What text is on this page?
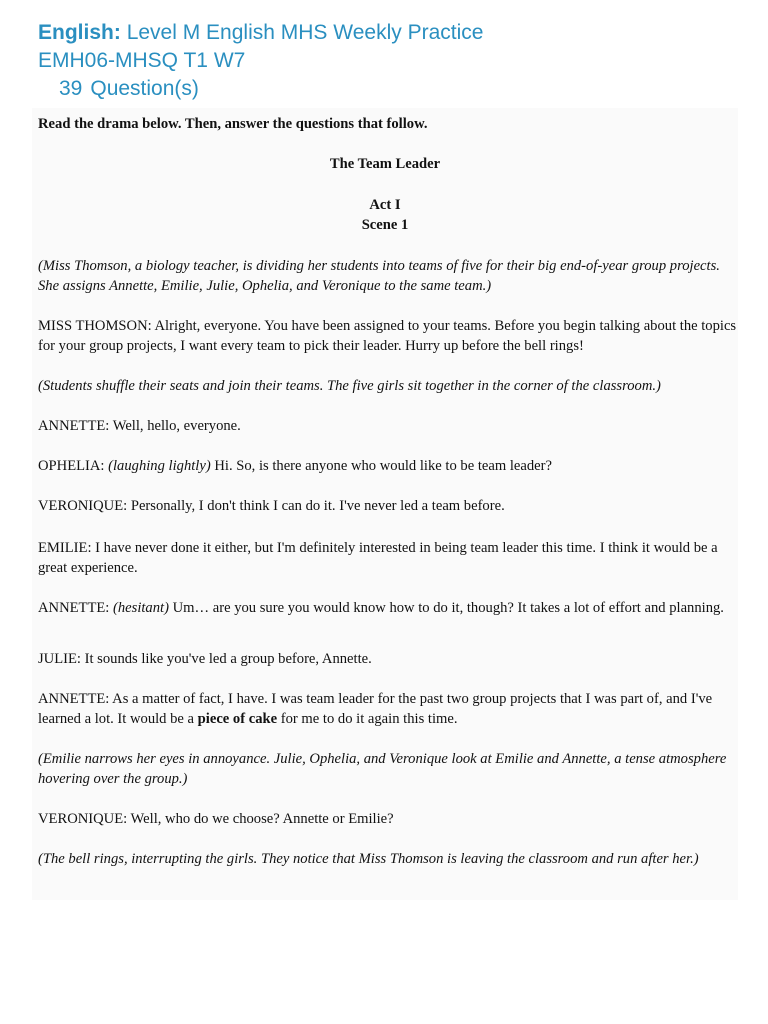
English: Level M English MHS Weekly Practice
EMH06-MHSQ T1 W7
39 Question(s)

Read the drama below. Then, answer the questions that follow.

The Team Leader

Act I

Scene 1

(Miss Thomson, a biology teacher, is dividing her students into teams of five for their big end-of-year group projects. She assigns Annette, Emilie, Julie, Ophelia, and Veronique to the same team.)

MISS THOMSON: Alright, everyone. You have been assigned to your teams. Before you begin talking about the topics for your group projects, I want every team to pick their leader. Hurry up before the bell rings!

(Students shuffle their seats and join their teams. The five girls sit together in the corner of the classroom.)

ANNETTE: Well, hello, everyone.

OPHELIA: (laughing lightly) Hi. So, is there anyone who would like to be team leader?

VERONIQUE: Personally, I don't think I can do it. I've never led a team before.

EMILIE: I have never done it either, but I'm definitely interested in being team leader this time. I think it would be a great experience.

ANNETTE: (hesitant) Um… are you sure you would know how to do it, though? It takes a lot of effort and planning.

JULIE: It sounds like you've led a group before, Annette.

ANNETTE: As a matter of fact, I have. I was team leader for the past two group projects that I was part of, and I've learned a lot. It would be a piece of cake for me to do it again this time.

(Emilie narrows her eyes in annoyance. Julie, Ophelia, and Veronique look at Emilie and Annette, a tense atmosphere hovering over the group.)

VERONIQUE: Well, who do we choose? Annette or Emilie?

(The bell rings, interrupting the girls. They notice that Miss Thomson is leaving the classroom and run after her.)
